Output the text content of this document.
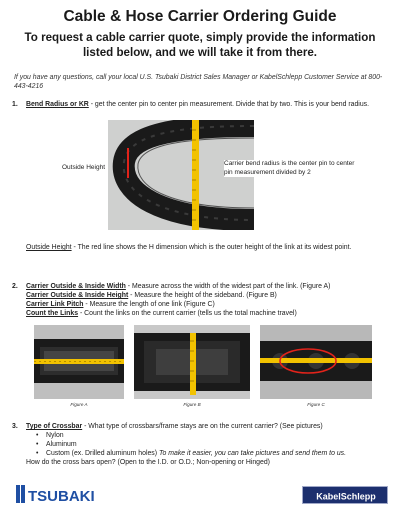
Cable & Hose Carrier Ordering Guide
To request a cable carrier quote, simply provide the information listed below, and we will take it from there.
If you have any questions, call your local U.S. Tsubaki District Sales Manager or KabelSchlepp Customer Service at 800-443-4216
1. Bend Radius or KR - get the center pin to center pin measurement. Divide that by two. This is your bend radius.
Outside Height
Carrier bend radius is the center pin to center pin measurement divided by 2
Outside Height - The red line shows the H dimension which is the outer height of the link at its widest point.
2. Carrier Outside & Inside Width - Measure across the width of the widest part of the link. (Figure A)
Carrier Outside & Inside Height - Measure the height of the sideband. (Figure B)
Carrier Link Pitch - Measure the length of one link (Figure C)
Count the Links - Count the links on the current carrier (tells us the total machine travel)
Figure A	Figure B	Figure C
3. Type of Crossbar - What type of crossbars/frame stays are on the current carrier? (See pictures)
• Nylon
• Aluminum
• Custom (ex. Drilled aluminum holes) To make it easier, you can take pictures and send them to us.
How do the cross bars open? (Open to the I.D. or O.D.; Non-opening or Hinged)
TSUBAKI	KabelSchlepp
